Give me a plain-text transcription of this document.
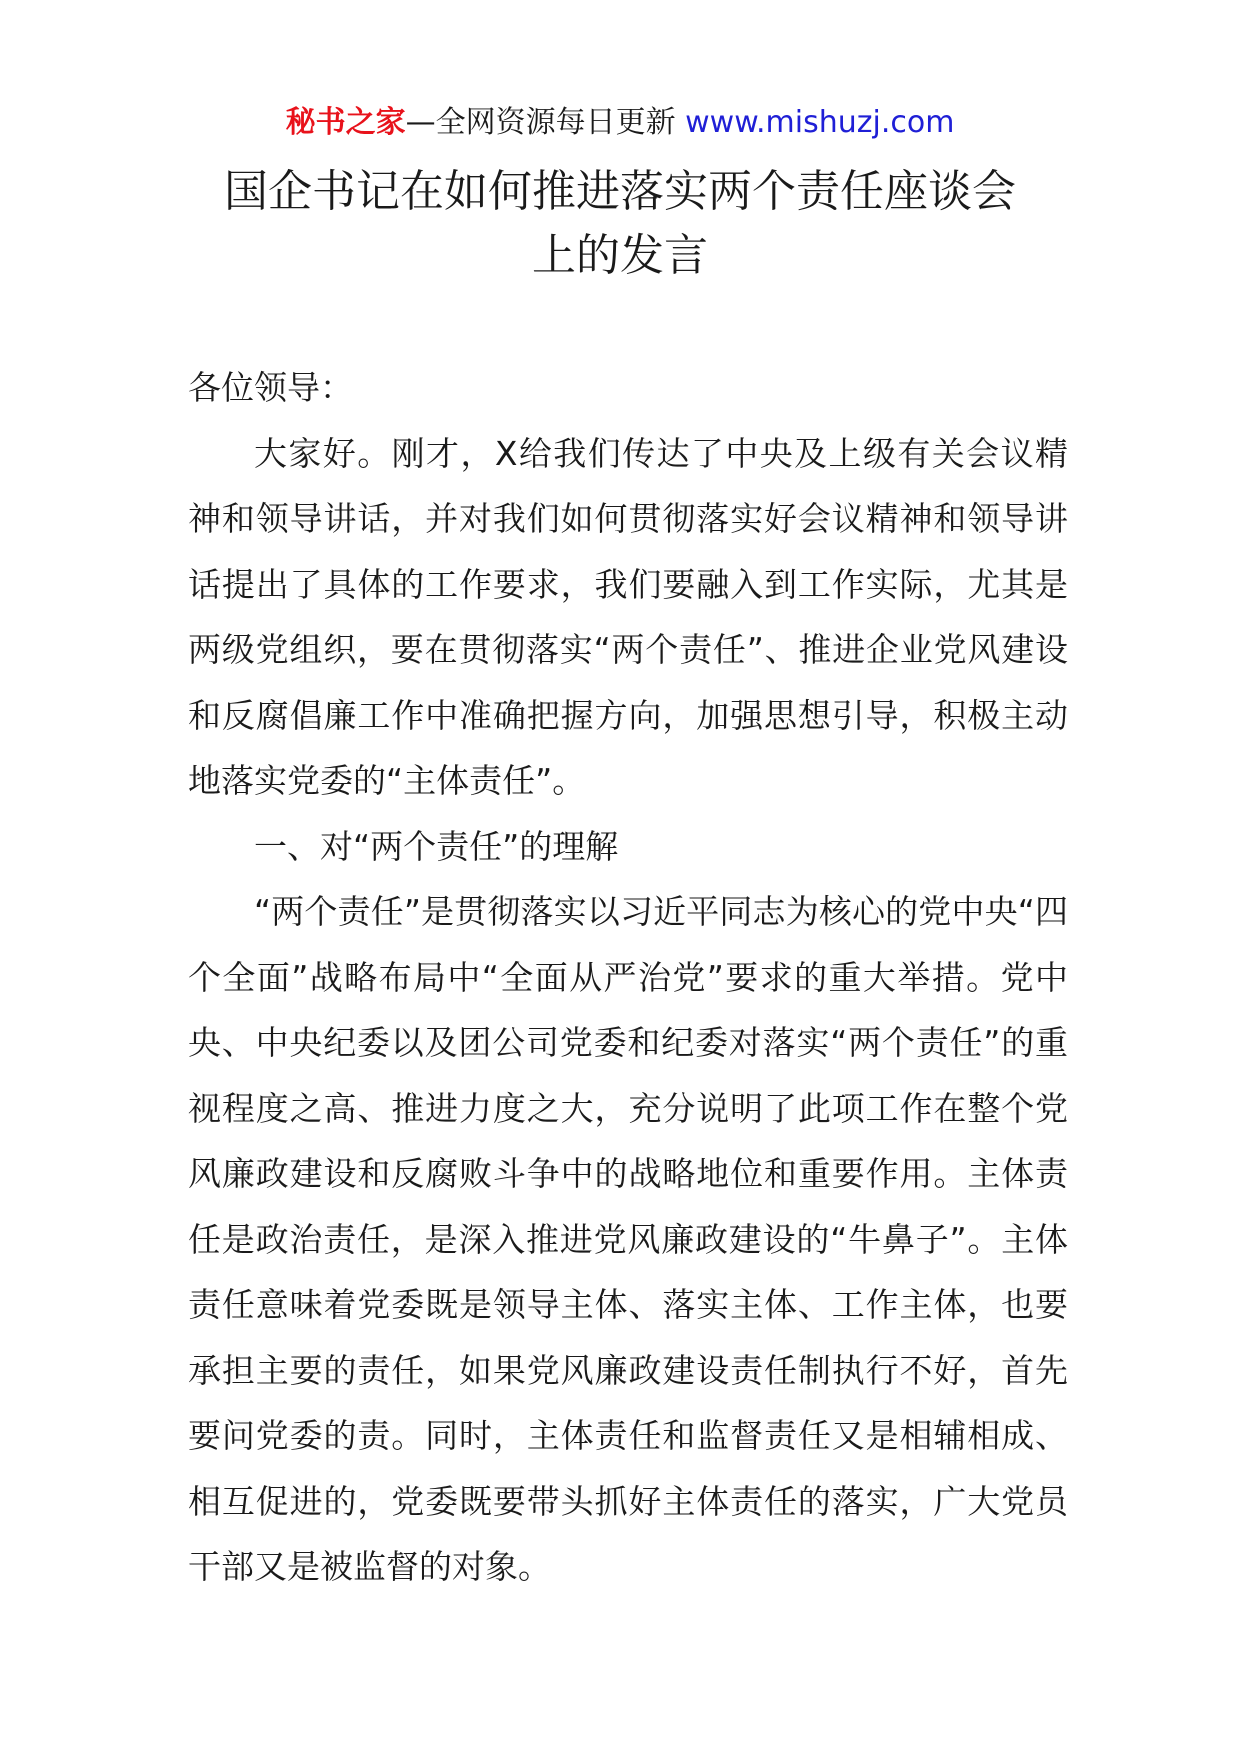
秘书之家—全网资源每日更新 www.mishuzj.com
国企书记在如何推进落实两个责任座谈会
上的发言

各位领导：

大家好。刚才，X给我们传达了中央及上级有关会议精神和领导讲话，并对我们如何贯彻落实好会议精神和领导讲话提出了具体的工作要求，我们要融入到工作实际，尤其是两级党组织，要在贯彻落实“两个责任”、推进企业党风建设和反腐倡廉工作中准确把握方向，加强思想引导，积极主动地落实党委的“主体责任”。

一、对“两个责任”的理解

“两个责任”是贯彻落实以习近平同志为核心的党中央“四个全面”战略布局中“全面从严治党”要求的重大举措。党中央、中央纪委以及团公司党委和纪委对落实“两个责任”的重视程度之高、推进力度之大，充分说明了此项工作在整个党风廉政建设和反腐败斗争中的战略地位和重要作用。主体责任是政治责任，是深入推进党风廉政建设的“牛鼻子”。主体责任意味着党委既是领导主体、落实主体、工作主体，也要承担主要的责任，如果党风廉政建设责任制执行不好，首先要问党委的责。同时，主体责任和监督责任又是相辅相成、相互促进的，党委既要带头抓好主体责任的落实，广大党员干部又是被监督的对象。
